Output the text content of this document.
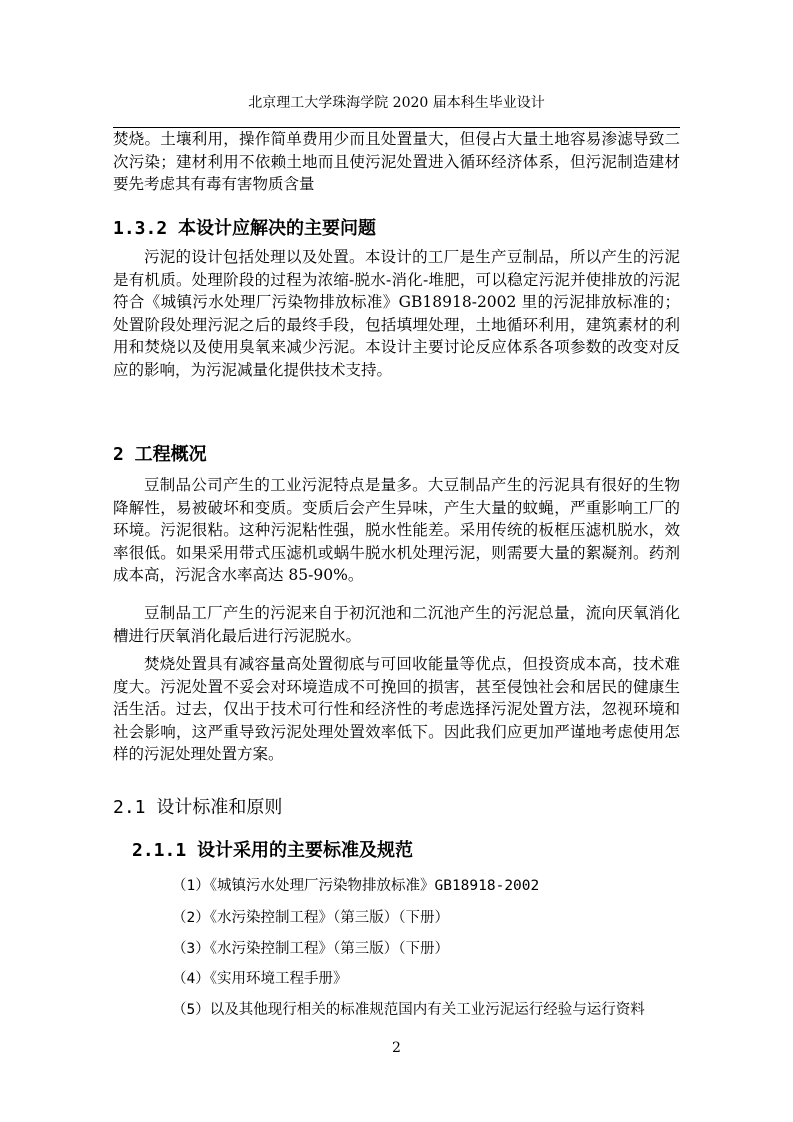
北京理工大学珠海学院 2020 届本科生毕业设计

焚烧。土壤利用，操作简单费用少而且处置量大，但侵占大量土地容易渗滤导致二次污染；建材利用不依赖土地而且使污泥处置进入循环经济体系，但污泥制造建材要先考虑其有毒有害物质含量

1.3.2 本设计应解决的主要问题

污泥的设计包括处理以及处置。本设计的工厂是生产豆制品，所以产生的污泥是有机质。处理阶段的过程为浓缩-脱水-消化-堆肥，可以稳定污泥并使排放的污泥符合《城镇污水处理厂污染物排放标准》GB18918-2002 里的污泥排放标准的；处置阶段处理污泥之后的最终手段，包括填埋处理，土地循环利用，建筑素材的利用和焚烧以及使用臭氧来减少污泥。本设计主要讨论反应体系各项参数的改变对反应的影响，为污泥减量化提供技术支持。

2 工程概况

豆制品公司产生的工业污泥特点是量多。大豆制品产生的污泥具有很好的生物降解性，易被破坏和变质。变质后会产生异味，产生大量的蚊蝇，严重影响工厂的环境。污泥很粘。这种污泥粘性强，脱水性能差。采用传统的板框压滤机脱水，效率很低。如果采用带式压滤机或蜗牛脱水机处理污泥，则需要大量的絮凝剂。药剂成本高，污泥含水率高达 85-90%。

豆制品工厂产生的污泥来自于初沉池和二沉池产生的污泥总量，流向厌氧消化槽进行厌氧消化最后进行污泥脱水。

焚烧处置具有减容量高处置彻底与可回收能量等优点，但投资成本高，技术难度大。污泥处置不妥会对环境造成不可挽回的损害，甚至侵蚀社会和居民的健康生活生活。过去，仅出于技术可行性和经济性的考虑选择污泥处置方法，忽视环境和社会影响，这严重导致污泥处理处置效率低下。因此我们应更加严谨地考虑使用怎样的污泥处理处置方案。

2.1 设计标准和原则
2.1.1 设计采用的主要标准及规范

（1）《城镇污水处理厂污染物排放标准》GB18918-2002

（2）《水污染控制工程》（第三版）（下册）

（3）《水污染控制工程》（第三版）（下册）

（4）《实用环境工程手册》

（5）以及其他现行相关的标准规范国内有关工业污泥运行经验与运行资料

2
